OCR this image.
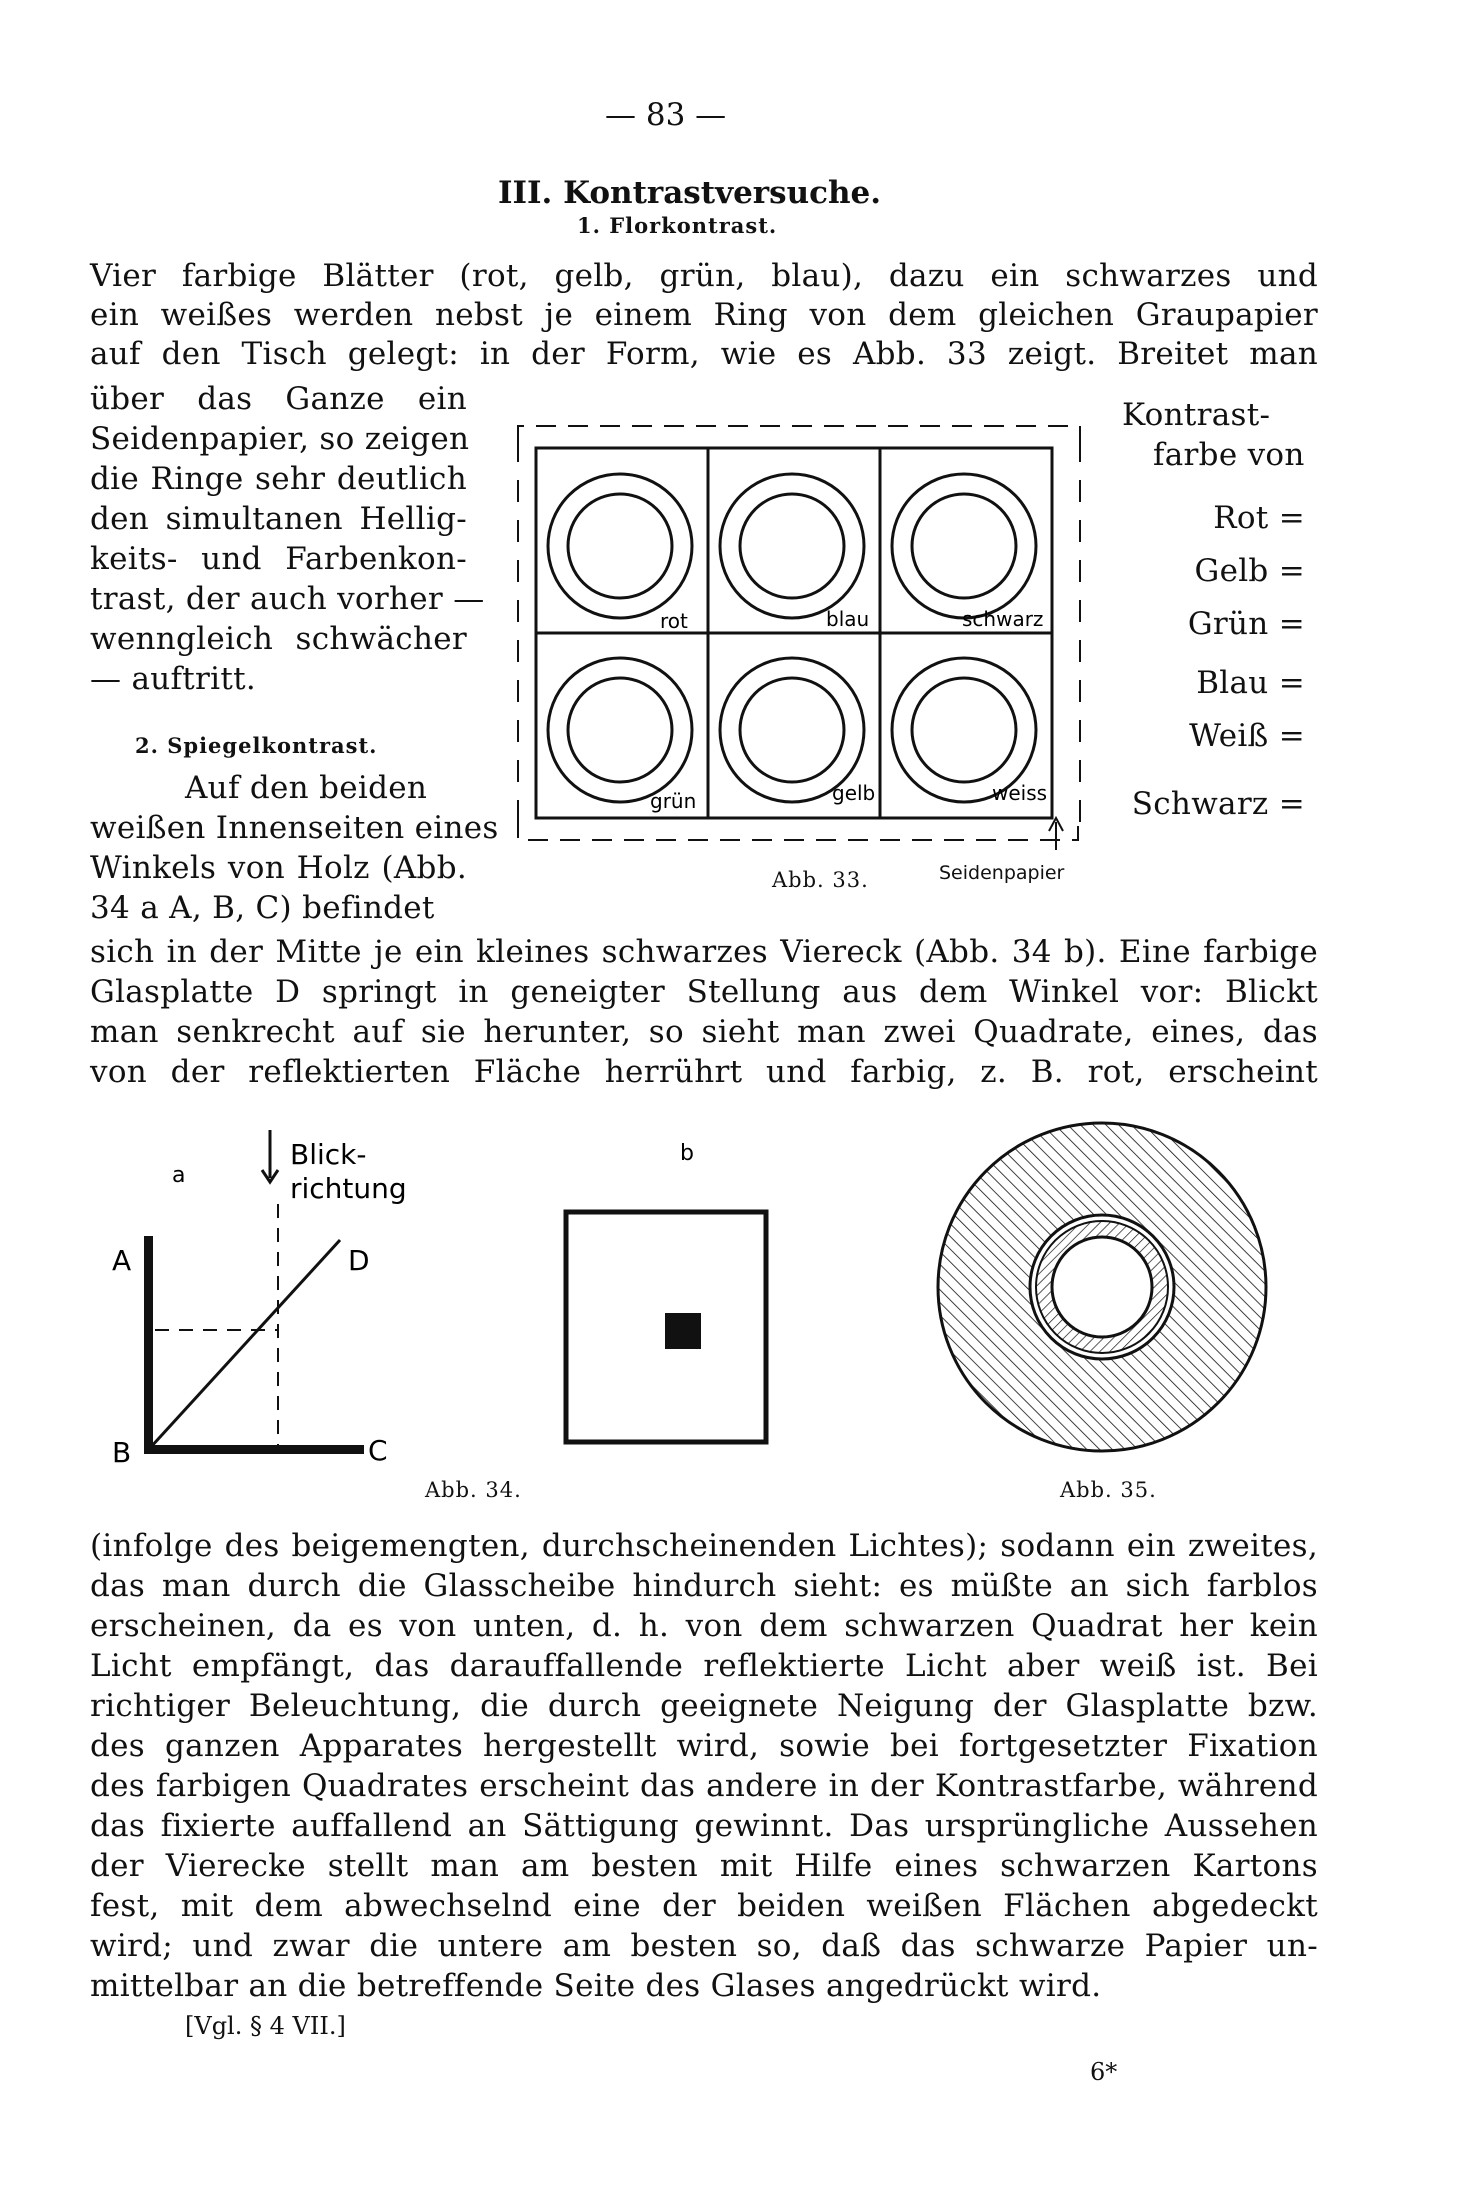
— 83 —
III. Kontrastversuche.
1. Florkontrast.
Vier farbige Blätter (rot, gelb, grün, blau), dazu ein schwarzes und
ein weißes werden nebst je einem Ring von dem gleichen Graupapier
auf den Tisch gelegt: in der Form, wie es Abb. 33 zeigt. Breitet man
über das Ganze ein
Seidenpapier, so zeigen
die Ringe sehr deutlich
den simultanen Hellig-
keits- und Farbenkon-
trast, der auch vorher —
wenngleich schwächer
— auftritt.
2. Spiegelkontrast.
Auf den beiden
weißen Innenseiten eines
Winkels von Holz (Abb.
34 a A, B, C) befindet
Kontrast-
farbe von
Rot =
Gelb =
Grün =
Blau =
Weiß =
Schwarz =
rot	blau	schwarz
grün	gelb	weiss
Abb. 33.	Seidenpapier
sich in der Mitte je ein kleines schwarzes Viereck (Abb. 34 b). Eine farbige
Glasplatte D springt in geneigter Stellung aus dem Winkel vor: Blickt
man senkrecht auf sie herunter, so sieht man zwei Quadrate, eines, das
von der reflektierten Fläche herrührt und farbig, z. B. rot, erscheint
a
Blick-
richtung
A
B	C
D
b
Abb. 34.	Abb. 35.
(infolge des beigemengten, durchscheinenden Lichtes); sodann ein zweites,
das man durch die Glasscheibe hindurch sieht: es müßte an sich farblos
erscheinen, da es von unten, d. h. von dem schwarzen Quadrat her kein
Licht empfängt, das darauffallende reflektierte Licht aber weiß ist. Bei
richtiger Beleuchtung, die durch geeignete Neigung der Glasplatte bzw.
des ganzen Apparates hergestellt wird, sowie bei fortgesetzter Fixation
des farbigen Quadrates erscheint das andere in der Kontrastfarbe, während
das fixierte auffallend an Sättigung gewinnt. Das ursprüngliche Aussehen
der Vierecke stellt man am besten mit Hilfe eines schwarzen Kartons
fest, mit dem abwechselnd eine der beiden weißen Flächen abgedeckt
wird; und zwar die untere am besten so, daß das schwarze Papier un-
mittelbar an die betreffende Seite des Glases angedrückt wird.
[Vgl. § 4 VII.]
6*
